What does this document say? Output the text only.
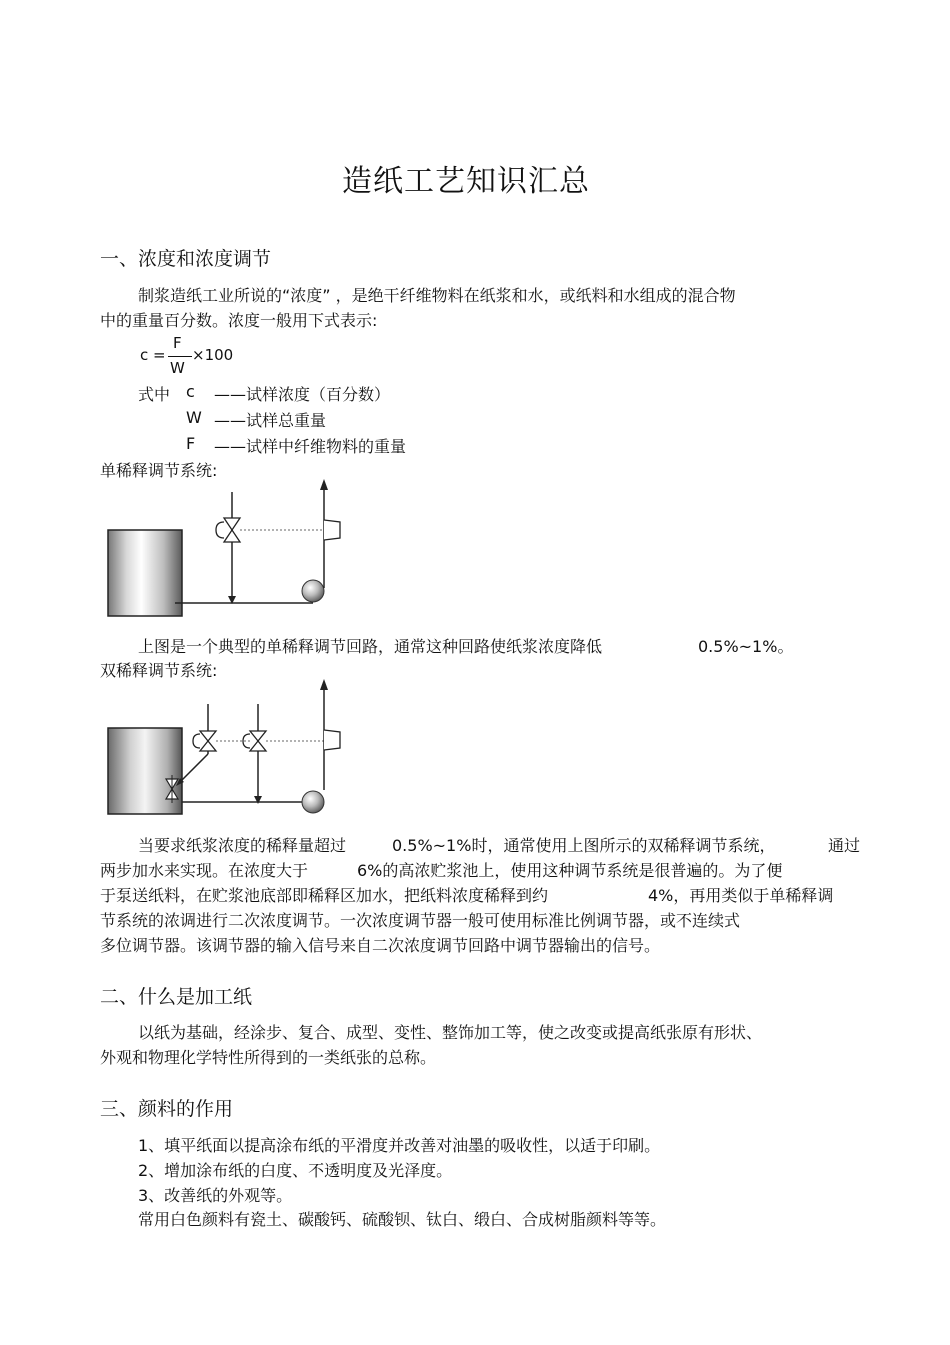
造纸工艺知识汇总
一、浓度和浓度调节
制浆造纸工业所说的“浓度” ，是绝干纤维物料在纸浆和水，或纸料和水组成的混合物
中的重量百分数。浓度一般用下式表示:
c =
F
W
×100
式中 c ——试样浓度（百分数）
W ——试样总重量
F ——试样中纤维物料的重量
单稀释调节系统:
上图是一个典型的单稀释调节回路，通常这种回路使纸浆浓度降低	0.5%~1%。
双稀释调节系统:
当要求纸浆浓度的稀释量超过	0.5%~1%时，通常使用上图所示的双稀释调节系统，	通过
两步加水来实现。在浓度大于	6%的高浓贮浆池上，使用这种调节系统是很普遍的。为了便
于泵送纸料，在贮浆池底部即稀释区加水，把纸料浓度稀释到约	4%，再用类似于单稀释调
节系统的浓调进行二次浓度调节。一次浓度调节器一般可使用标准比例调节器，或不连续式
多位调节器。该调节器的输入信号来自二次浓度调节回路中调节器输出的信号。
二、什么是加工纸
以纸为基础，经涂步、复合、成型、变性、整饰加工等，使之改变或提高纸张原有形状、
外观和物理化学特性所得到的一类纸张的总称。
三、颜料的作用
1、填平纸面以提高涂布纸的平滑度并改善对油墨的吸收性，以适于印刷。
2、增加涂布纸的白度、不透明度及光泽度。
3、改善纸的外观等。
常用白色颜料有瓷土、碳酸钙、硫酸钡、钛白、缎白、合成树脂颜料等等。
